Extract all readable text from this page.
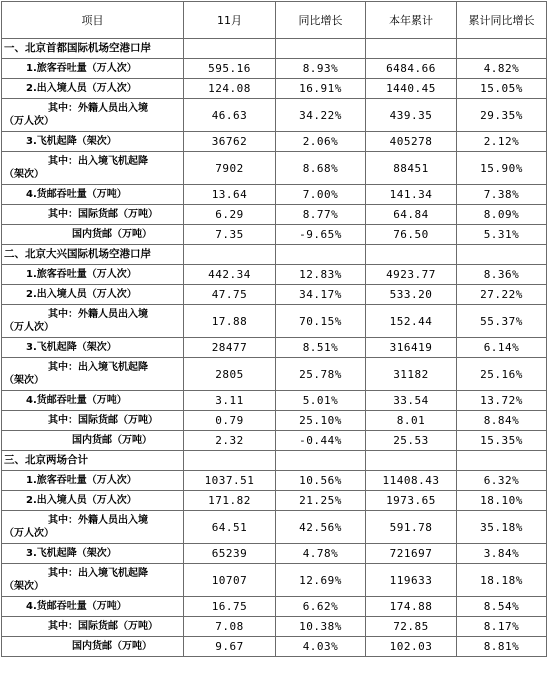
项目	11月	同比增长	本年累计	累计同比增长
一、北京首都国际机场空港口岸				
1.旅客吞吐量（万人次）	595.16	8.93%	6484.66	4.82%
2.出入境人员（万人次）	124.08	16.91%	1440.45	15.05%

其中：外籍人员出入境
（万人次）	46.63	34.22%	439.35	29.35%
3.飞机起降（架次）	36762	2.06%	405278	2.12%

其中：出入境飞机起降
（架次）	7902	8.68%	88451	15.90%
4.货邮吞吐量（万吨）	13.64	7.00%	141.34	7.38%
其中：国际货邮（万吨）	6.29	8.77%	64.84	8.09%
国内货邮（万吨）	7.35	-9.65%	76.50	5.31%
二、北京大兴国际机场空港口岸				
1.旅客吞吐量（万人次）	442.34	12.83%	4923.77	8.36%
2.出入境人员（万人次）	47.75	34.17%	533.20	27.22%

其中：外籍人员出入境
（万人次）	17.88	70.15%	152.44	55.37%
3.飞机起降（架次）	28477	8.51%	316419	6.14%

其中：出入境飞机起降
（架次）	2805	25.78%	31182	25.16%
4.货邮吞吐量（万吨）	3.11	5.01%	33.54	13.72%
其中：国际货邮（万吨）	0.79	25.10%	8.01	8.84%
国内货邮（万吨）	2.32	-0.44%	25.53	15.35%
三、北京两场合计				
1.旅客吞吐量（万人次）	1037.51	10.56%	11408.43	6.32%
2.出入境人员（万人次）	171.82	21.25%	1973.65	18.10%

其中：外籍人员出入境
（万人次）	64.51	42.56%	591.78	35.18%
3.飞机起降（架次）	65239	4.78%	721697	3.84%

其中：出入境飞机起降
（架次）	10707	12.69%	119633	18.18%
4.货邮吞吐量（万吨）	16.75	6.62%	174.88	8.54%
其中：国际货邮（万吨）	7.08	10.38%	72.85	8.17%
国内货邮（万吨）	9.67	4.03%	102.03	8.81%
